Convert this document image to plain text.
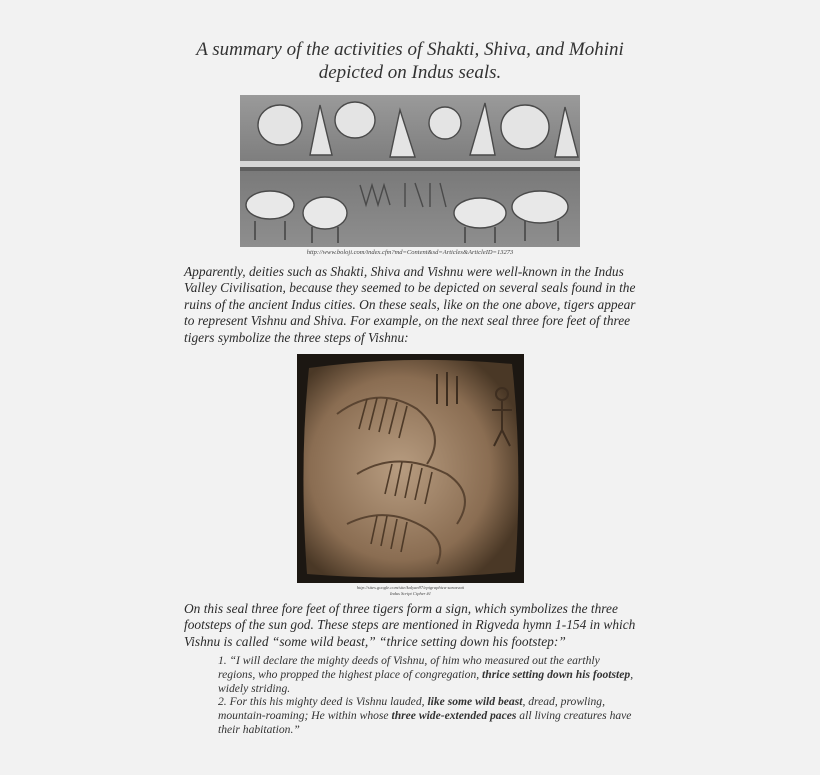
A summary of the activities of Shakti, Shiva, and Mohini
depicted on Indus seals.
http://www.boloji.com/index.cfm?md=Content&sd=Articles&ArticleID=13273
Apparently, deities such as Shakti, Shiva and Vishnu were well-known in the Indus Valley Civilisation, because they seemed to be depicted on several seals found in the ruins of the ancient Indus cities. On these seals, like on the one above, tigers appear to represent Vishnu and Shiva. For example, on the next seal three fore feet of three tigers symbolize the three steps of Vishnu:
http://sites.google.com/site/kalyan97/epigraphica-sarasvati
Indus Script Cipher #1
On this seal three fore feet of three tigers form a sign, which symbolizes the three footsteps of the sun god. These steps are mentioned in Rigveda hymn 1-154 in which Vishnu is called “some wild beast,” “thrice setting down his footstep:”

1. “I will declare the mighty deeds of Vishnu, of him who measured out the earthly regions, who propped the highest place of congregation, thrice setting down his footstep, widely striding.

2. For this his mighty deed is Vishnu lauded, like some wild beast, dread, prowling, mountain-roaming; He within whose three wide-extended paces all living creatures have their habitation.”
